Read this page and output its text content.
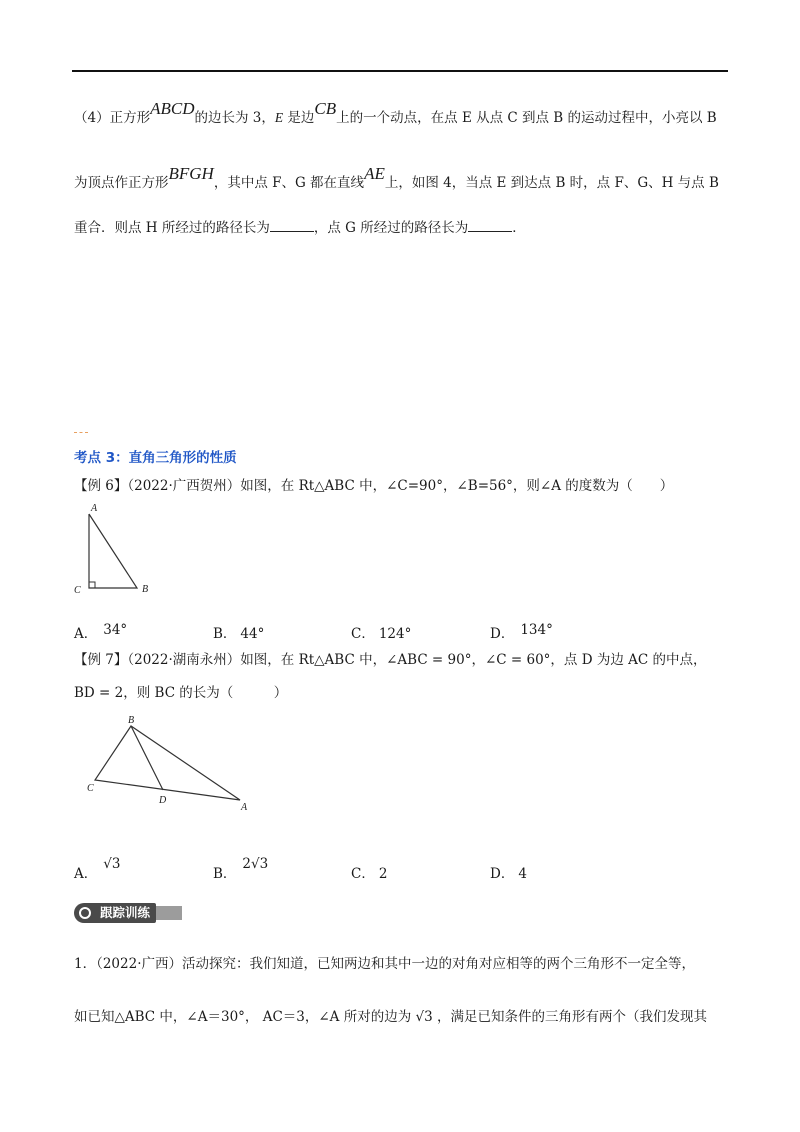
（4）正方形ABCD的边长为 3，E 是边CB上的一个动点，在点 E 从点 C 到点 B 的运动过程中，小亮以 B
为顶点作正方形BFGH，其中点 F、G 都在直线AE上，如图 4，当点 E 到达点 B 时，点 F、G、H 与点 B
重合．则点 H 所经过的路径长为	，点 G 所经过的路径长为	．
考点 3：直角三角形的性质
【例 6】（2022·广西贺州）如图，在 Rt△ABC 中，∠C=90°，∠B=56°，则∠A 的度数为（　　）
A
C	B
A． 34°	B． 44°	C． 124°	D． 134°
【例 7】（2022·湖南永州）如图，在 Rt△ABC 中，∠ABC = 90°，∠C = 60°，点 D 为边 AC 的中点，
BD = 2，则 BC 的长为（　　　）
B
C
D
A
A．√3
B．2√3
C． 2	D． 4
跟踪训练
1．（2022·广西）活动探究：我们知道，已知两边和其中一边的对角对应相等的两个三角形不一定全等，
如已知△ABC 中，∠A＝30°， AC＝3，∠A 所对的边为 √3 ，满足已知条件的三角形有两个（我们发现其
